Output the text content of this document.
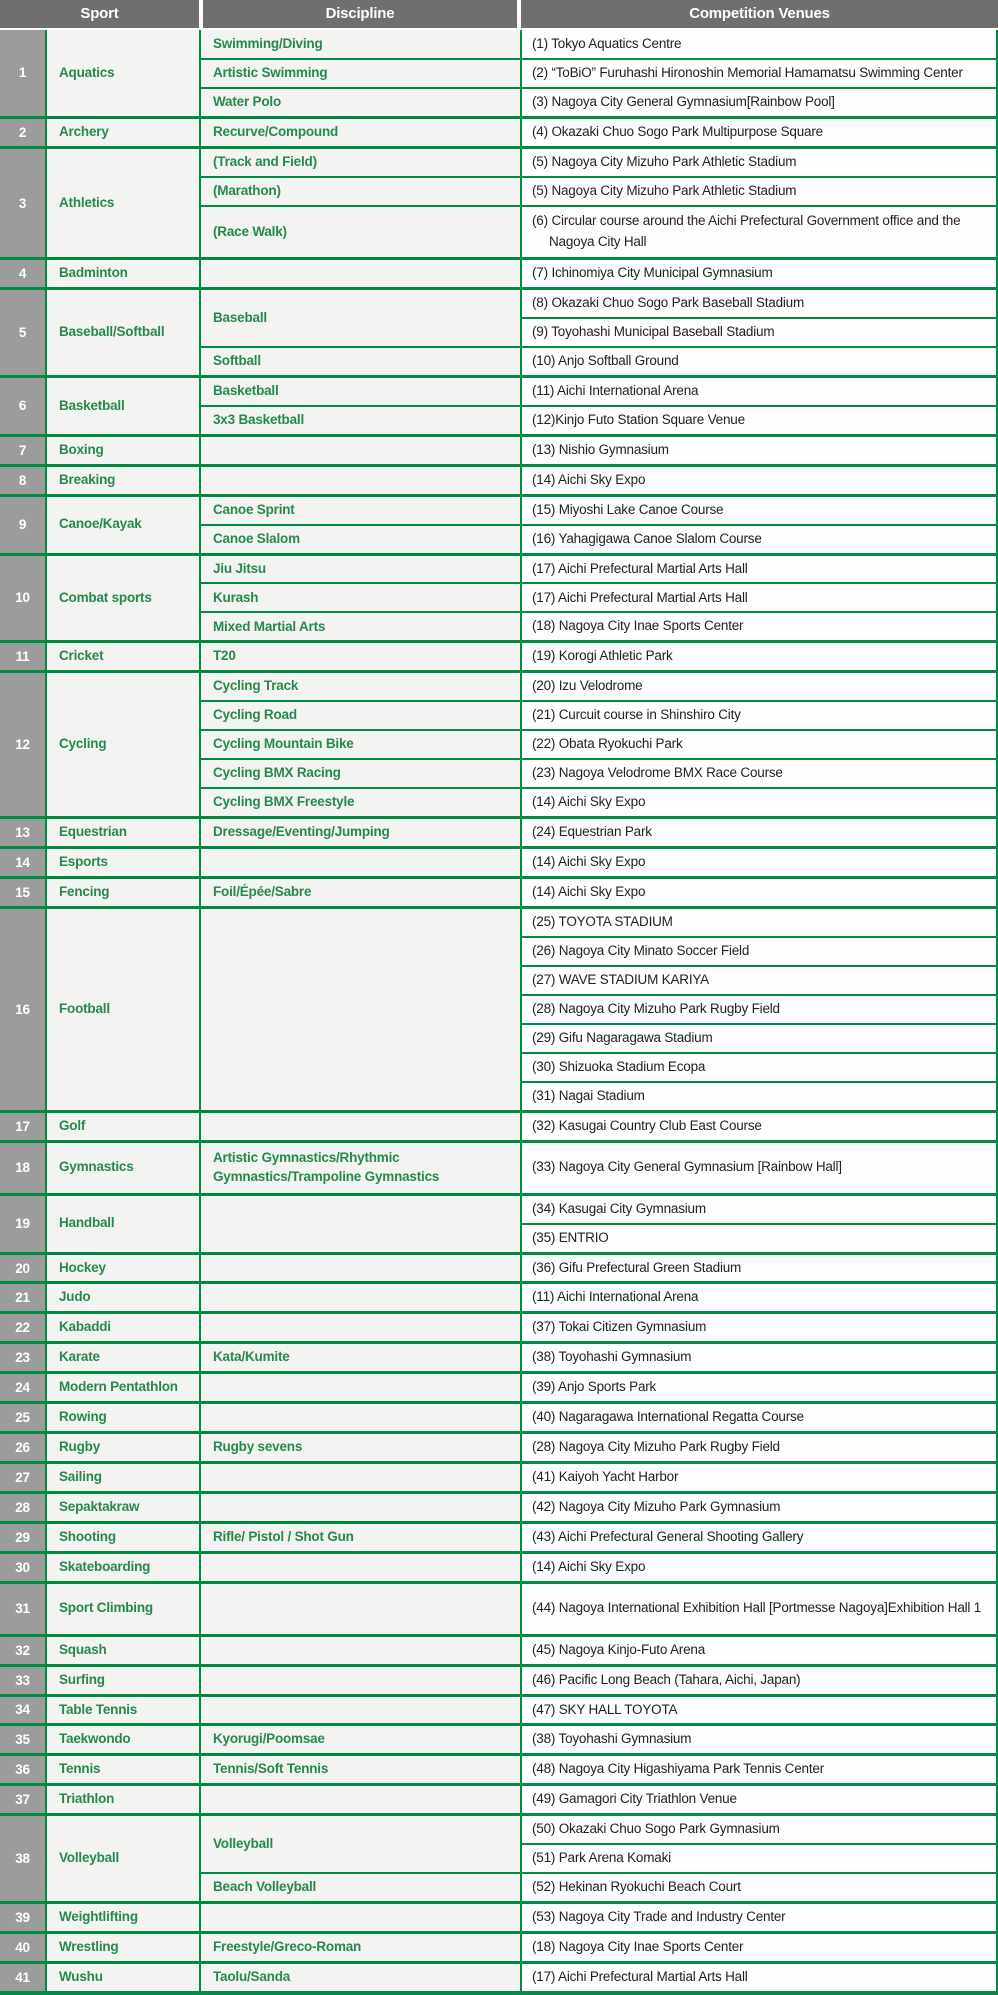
Sport	Discipline	Competition Venues
1	Aquatics	Swimming/Diving	(1) Tokyo Aquatics Centre

		Artistic Swimming	(2) “ToBiO” Furuhashi Hironoshin Memorial Hamamatsu Swimming Center

		Water Polo	(3) Nagoya City General Gymnasium[Rainbow Pool]

2	Archery	Recurve/Compound	(4) Okazaki Chuo Sogo Park Multipurpose Square

3	Athletics	(Track and Field)	(5) Nagoya City Mizuho Park Athletic Stadium

		(Marathon)	(5) Nagoya City Mizuho Park Athletic Stadium

		(Race Walk)	(6) Circular course around the Aichi Prefectural Government office and the Nagoya City Hall

4	Badminton		(7) Ichinomiya City Municipal Gymnasium

5	Baseball/Softball	Baseball	(8) Okazaki Chuo Sogo Park Baseball Stadium

			(9) Toyohashi Municipal Baseball Stadium

		Softball	(10) Anjo Softball Ground

6	Basketball	Basketball	(11) Aichi International Arena

		3x3 Basketball	(12)Kinjo Futo Station Square Venue

7	Boxing		(13) Nishio Gymnasium

8	Breaking		(14) Aichi Sky Expo

9	Canoe/Kayak	Canoe Sprint	(15) Miyoshi Lake Canoe Course

		Canoe Slalom	(16) Yahagigawa Canoe Slalom Course

10	Combat sports	Jiu Jitsu	(17) Aichi Prefectural Martial Arts Hall

		Kurash	(17) Aichi Prefectural Martial Arts Hall

		Mixed Martial Arts	(18) Nagoya City Inae Sports Center

11	Cricket	T20	(19) Korogi Athletic Park

12	Cycling	Cycling Track	(20) Izu Velodrome

		Cycling Road	(21) Curcuit course in Shinshiro City

		Cycling Mountain Bike	(22) Obata Ryokuchi Park

		Cycling BMX Racing	(23) Nagoya Velodrome BMX Race Course

		Cycling BMX Freestyle	(14) Aichi Sky Expo

13	Equestrian	Dressage/Eventing/Jumping	(24) Equestrian Park

14	Esports		(14) Aichi Sky Expo

15	Fencing	Foil/Épée/Sabre	(14) Aichi Sky Expo

16	Football		(25) TOYOTA STADIUM

			(26) Nagoya City Minato Soccer Field

			(27) WAVE STADIUM KARIYA

			(28) Nagoya City Mizuho Park Rugby Field

			(29) Gifu Nagaragawa Stadium

			(30) Shizuoka Stadium Ecopa

			(31) Nagai Stadium

17	Golf		(32) Kasugai Country Club East Course

18	Gymnastics	Artistic Gymnastics/Rhythmic Gymnastics/Trampoline Gymnastics	(33) Nagoya City General Gymnasium [Rainbow Hall]

19	Handball		(34) Kasugai City Gymnasium

			(35) ENTRIO

20	Hockey		(36) Gifu Prefectural Green Stadium

21	Judo		(11) Aichi International Arena

22	Kabaddi		(37) Tokai Citizen Gymnasium

23	Karate	Kata/Kumite	(38) Toyohashi Gymnasium

24	Modern Pentathlon		(39) Anjo Sports Park

25	Rowing		(40) Nagaragawa International Regatta Course

26	Rugby	Rugby sevens	(28) Nagoya City Mizuho Park Rugby Field

27	Sailing		(41) Kaiyoh Yacht Harbor

28	Sepaktakraw		(42) Nagoya City Mizuho Park Gymnasium

29	Shooting	Rifle/ Pistol / Shot Gun	(43) Aichi Prefectural General Shooting Gallery

30	Skateboarding		(14) Aichi Sky Expo

31	Sport Climbing		(44) Nagoya International Exhibition Hall [Portmesse Nagoya]Exhibition Hall 1

32	Squash		(45) Nagoya Kinjo-Futo Arena

33	Surfing		(46) Pacific Long Beach (Tahara, Aichi, Japan)

34	Table Tennis		(47) SKY HALL TOYOTA

35	Taekwondo	Kyorugi/Poomsae	(38) Toyohashi Gymnasium

36	Tennis	Tennis/Soft Tennis	(48) Nagoya City Higashiyama Park Tennis Center

37	Triathlon		(49) Gamagori City Triathlon Venue

38	Volleyball	Volleyball	(50) Okazaki Chuo Sogo Park Gymnasium

			(51) Park Arena Komaki

		Beach Volleyball	(52) Hekinan Ryokuchi Beach Court

39	Weightlifting		(53) Nagoya City Trade and Industry Center

40	Wrestling	Freestyle/Greco-Roman	(18) Nagoya City Inae Sports Center

41	Wushu	Taolu/Sanda	(17) Aichi Prefectural Martial Arts Hall
